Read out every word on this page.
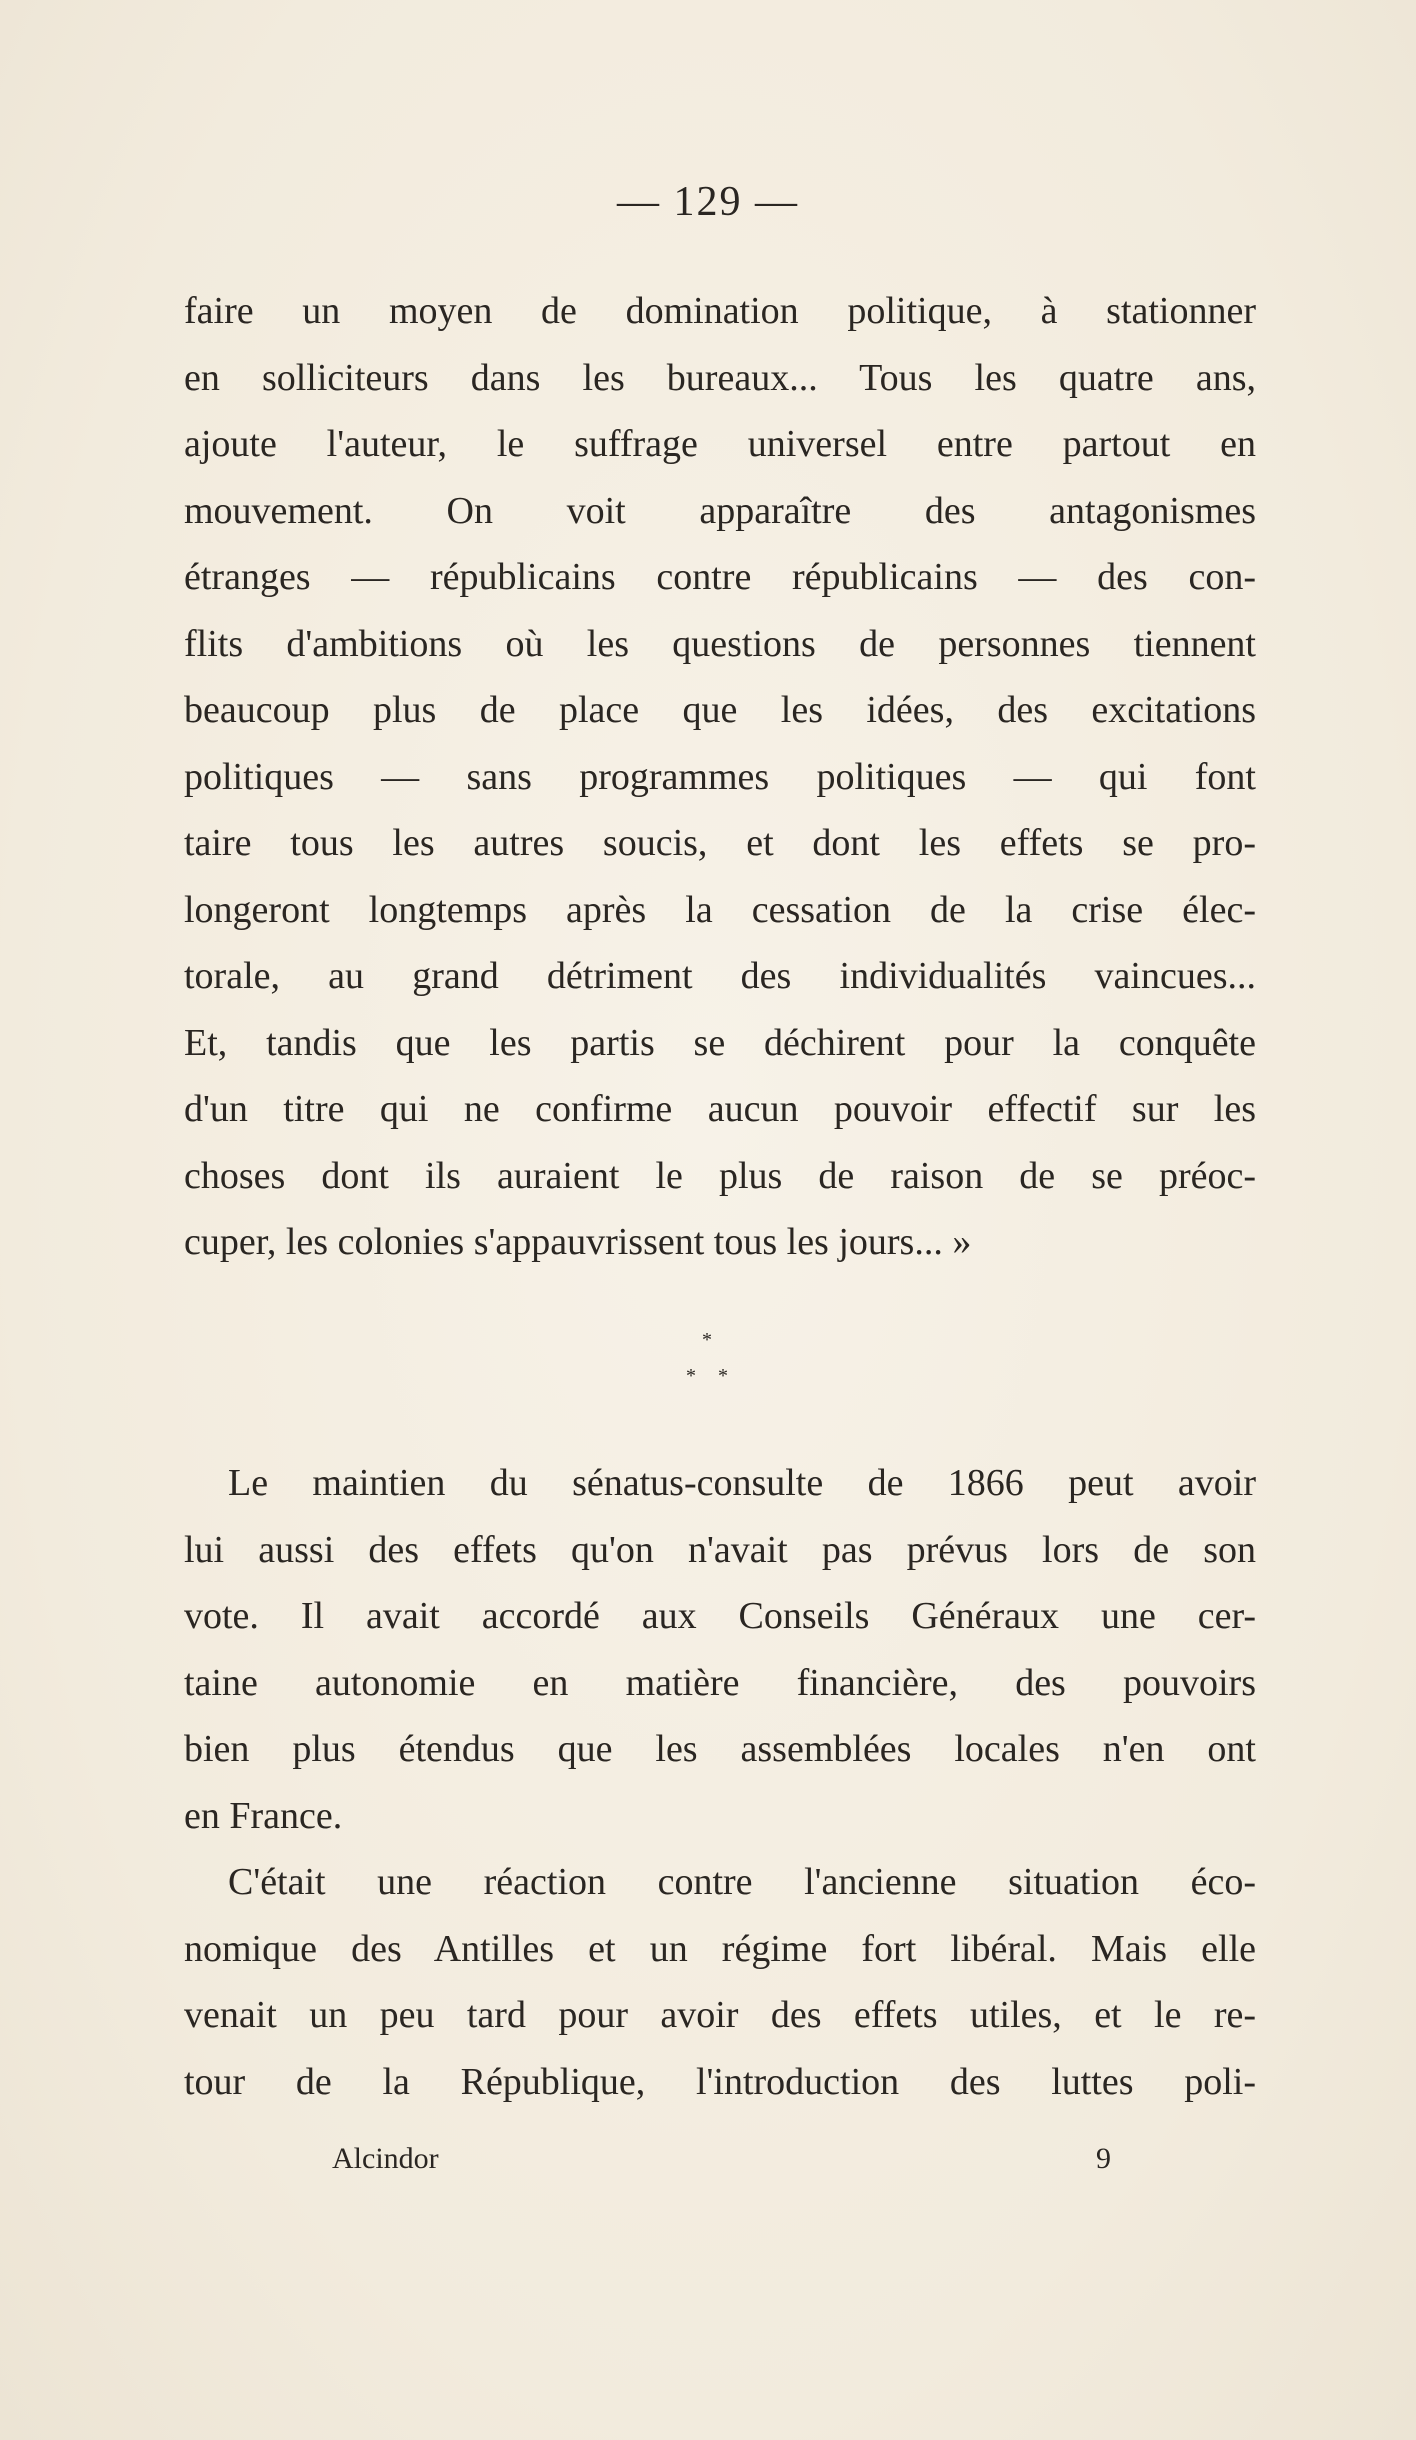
— 129 —
faire un moyen de domination politique, à stationner
en solliciteurs dans les bureaux... Tous les quatre ans,
ajoute l'auteur, le suffrage universel entre partout en
mouvement. On voit apparaître des antagonismes
étranges — républicains contre républicains — des con-
flits d'ambitions où les questions de personnes tiennent
beaucoup plus de place que les idées, des excitations
politiques — sans programmes politiques — qui font
taire tous les autres soucis, et dont les effets se pro-
longeront longtemps après la cessation de la crise élec-
torale, au grand détriment des individualités vaincues...
Et, tandis que les partis se déchirent pour la conquête
d'un titre qui ne confirme aucun pouvoir effectif sur les
choses dont ils auraient le plus de raison de se préoc-
cuper, les colonies s'appauvrissent tous les jours... »
*
* *
Le maintien du sénatus-consulte de 1866 peut avoir
lui aussi des effets qu'on n'avait pas prévus lors de son
vote. Il avait accordé aux Conseils Généraux une cer-
taine autonomie en matière financière, des pouvoirs
bien plus étendus que les assemblées locales n'en ont
en France.
C'était une réaction contre l'ancienne situation éco-
nomique des Antilles et un régime fort libéral. Mais elle
venait un peu tard pour avoir des effets utiles, et le re-
tour de la République, l'introduction des luttes poli-
Alcindor	9
